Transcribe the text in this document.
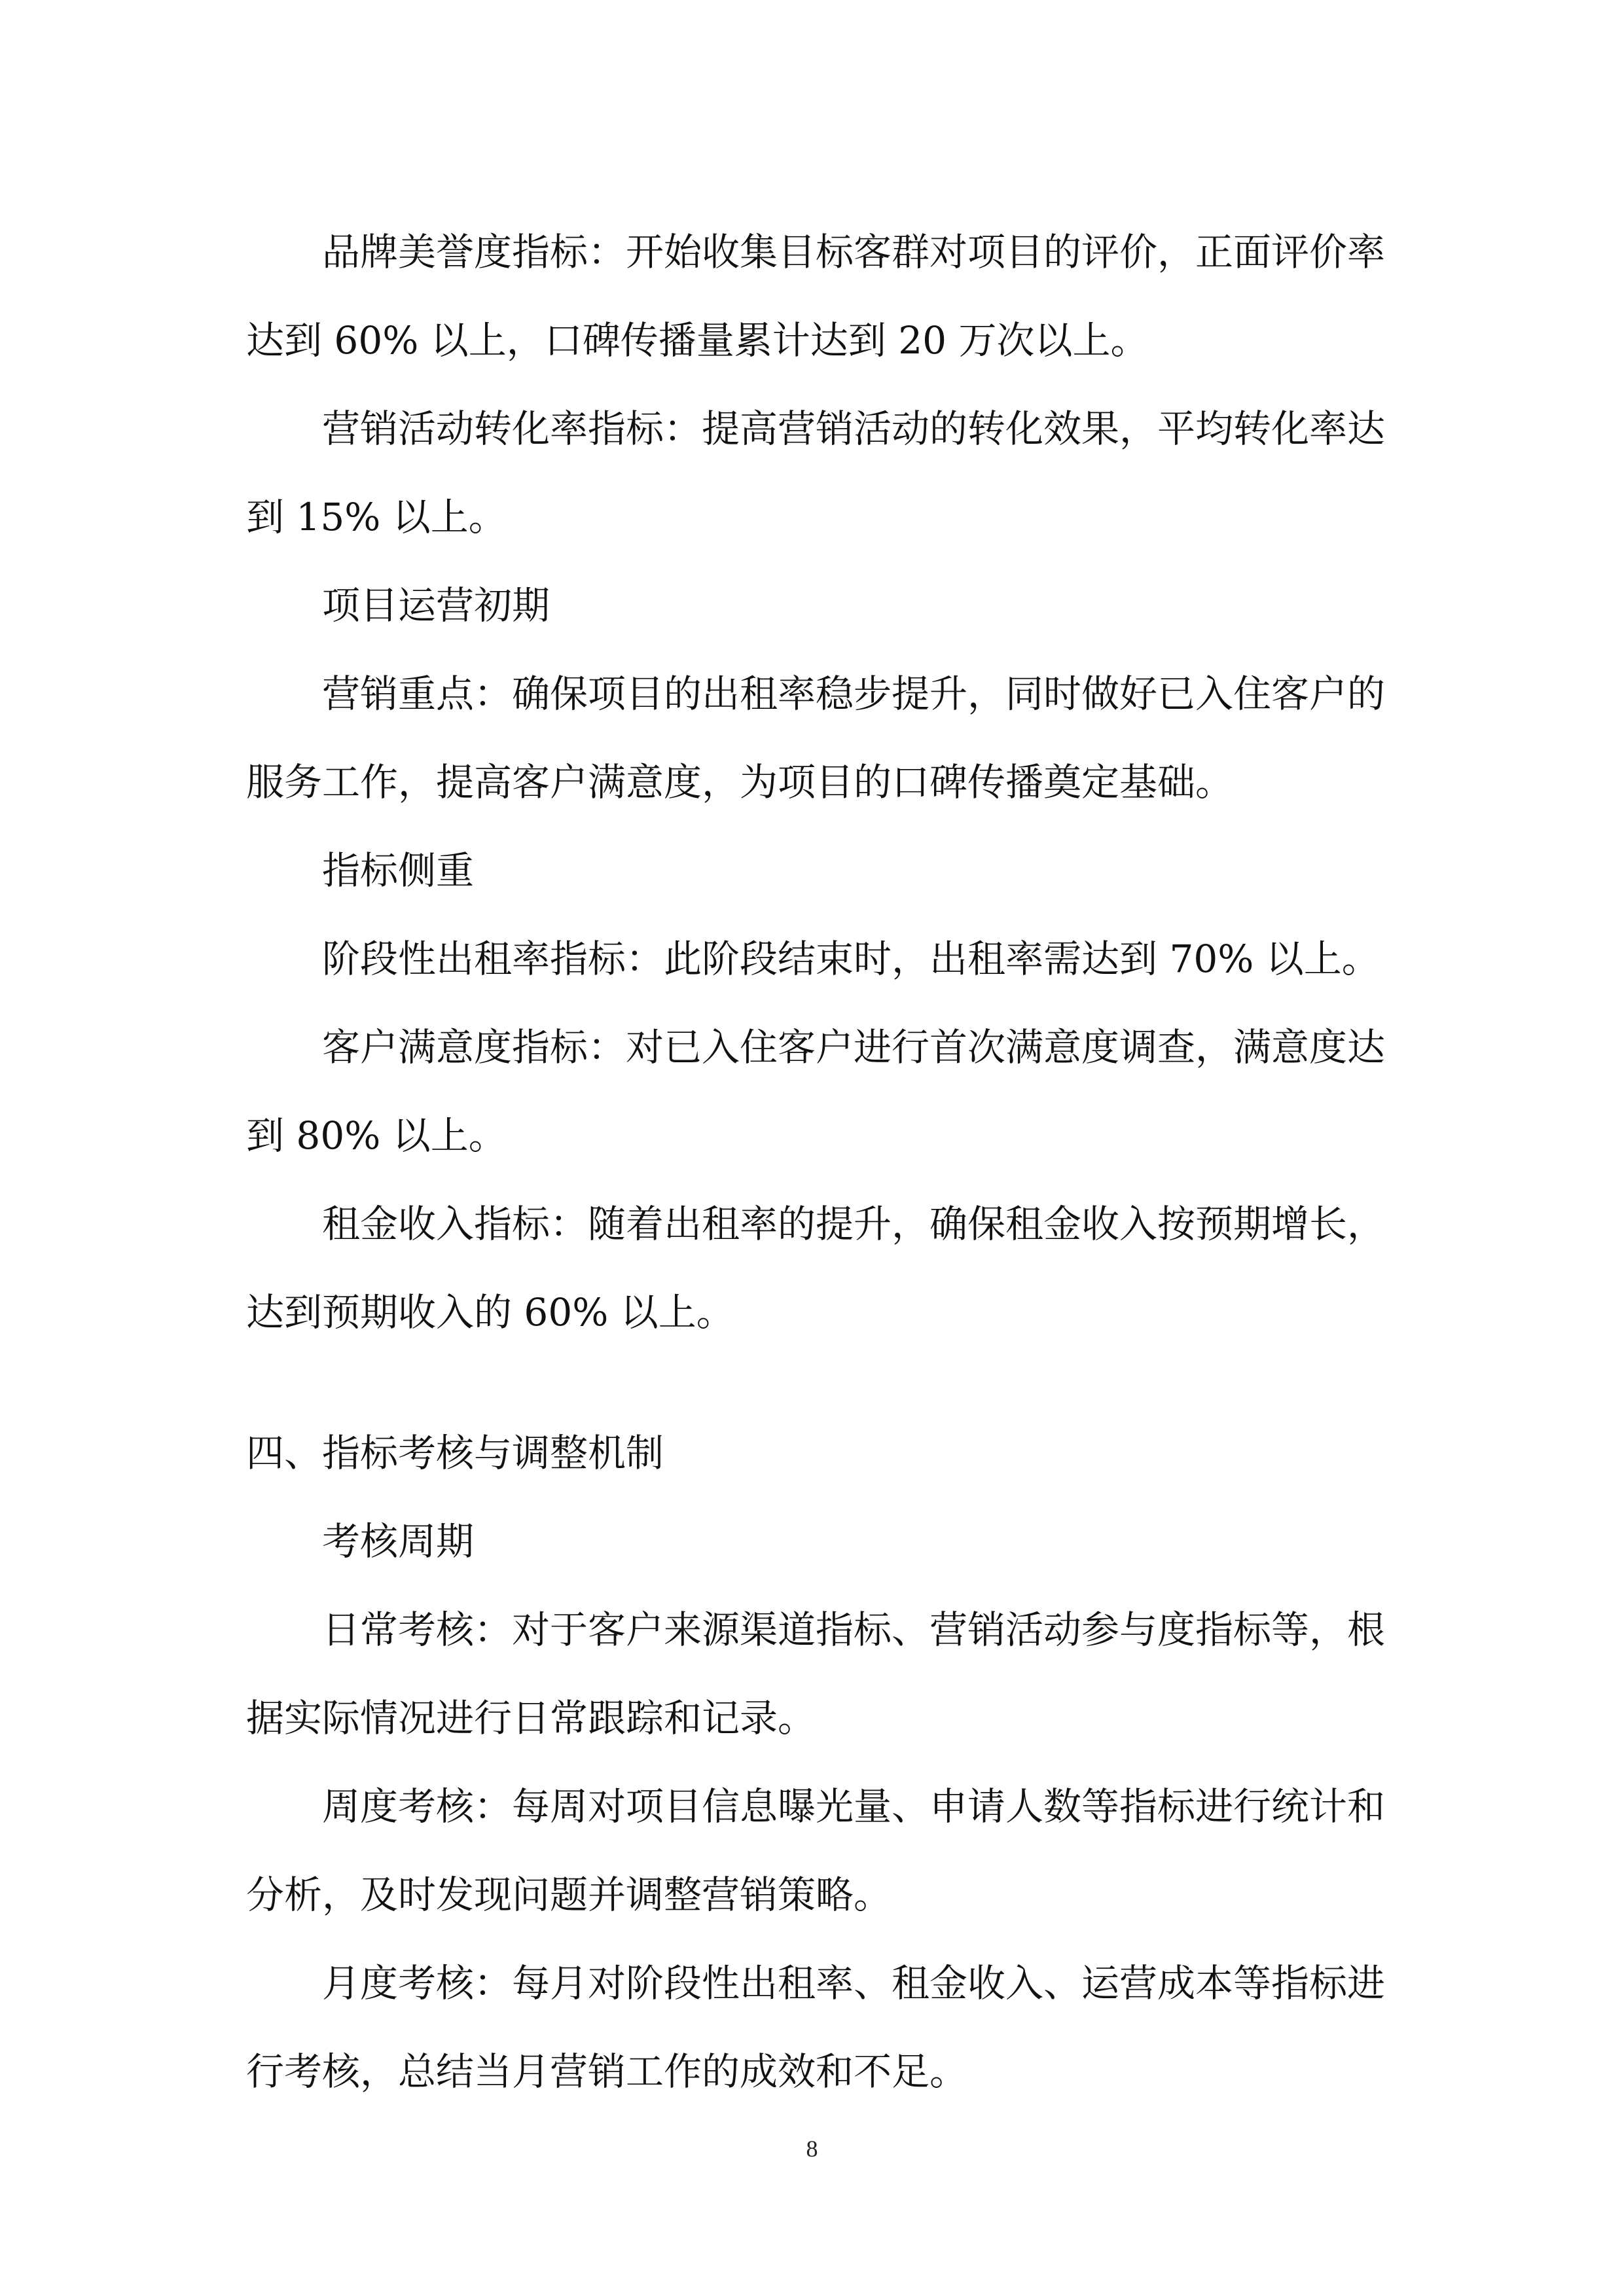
品牌美誉度指标：开始收集目标客群对项目的评价，正面评价率达到 60% 以上，口碑传播量累计达到 20 万次以上。

营销活动转化率指标：提高营销活动的转化效果，平均转化率达到 15% 以上。

项目运营初期

营销重点：确保项目的出租率稳步提升，同时做好已入住客户的服务工作，提高客户满意度，为项目的口碑传播奠定基础。

指标侧重

阶段性出租率指标：此阶段结束时，出租率需达到 70% 以上。

客户满意度指标：对已入住客户进行首次满意度调查，满意度达到 80% 以上。

租金收入指标：随着出租率的提升，确保租金收入按预期增长，达到预期收入的 60% 以上。

四、指标考核与调整机制

考核周期

日常考核：对于客户来源渠道指标、营销活动参与度指标等，根据实际情况进行日常跟踪和记录。

周度考核：每周对项目信息曝光量、申请人数等指标进行统计和分析，及时发现问题并调整营销策略。

月度考核：每月对阶段性出租率、租金收入、运营成本等指标进行考核，总结当月营销工作的成效和不足。

8
